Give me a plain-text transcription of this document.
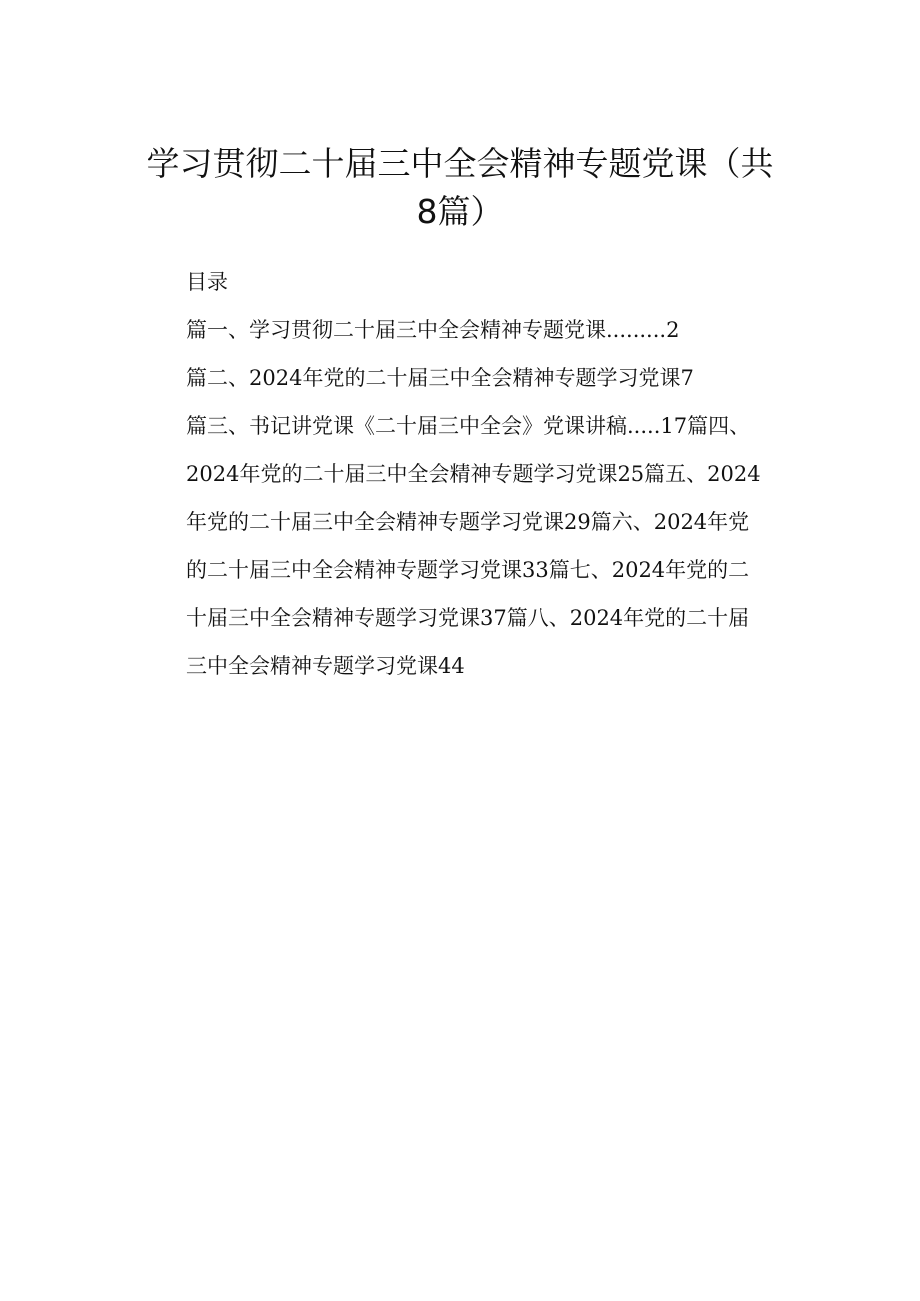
学习贯彻二十届三中全会精神专题党课（共
8篇）
目录
篇一、学习贯彻二十届三中全会精神专题党课.........2
篇二、2024年党的二十届三中全会精神专题学习党课7
篇三、书记讲党课《二十届三中全会》党课讲稿.....17篇四、
2024年党的二十届三中全会精神专题学习党课25篇五、2024
年党的二十届三中全会精神专题学习党课29篇六、2024年党
的二十届三中全会精神专题学习党课33篇七、2024年党的二
十届三中全会精神专题学习党课37篇八、2024年党的二十届
三中全会精神专题学习党课44
